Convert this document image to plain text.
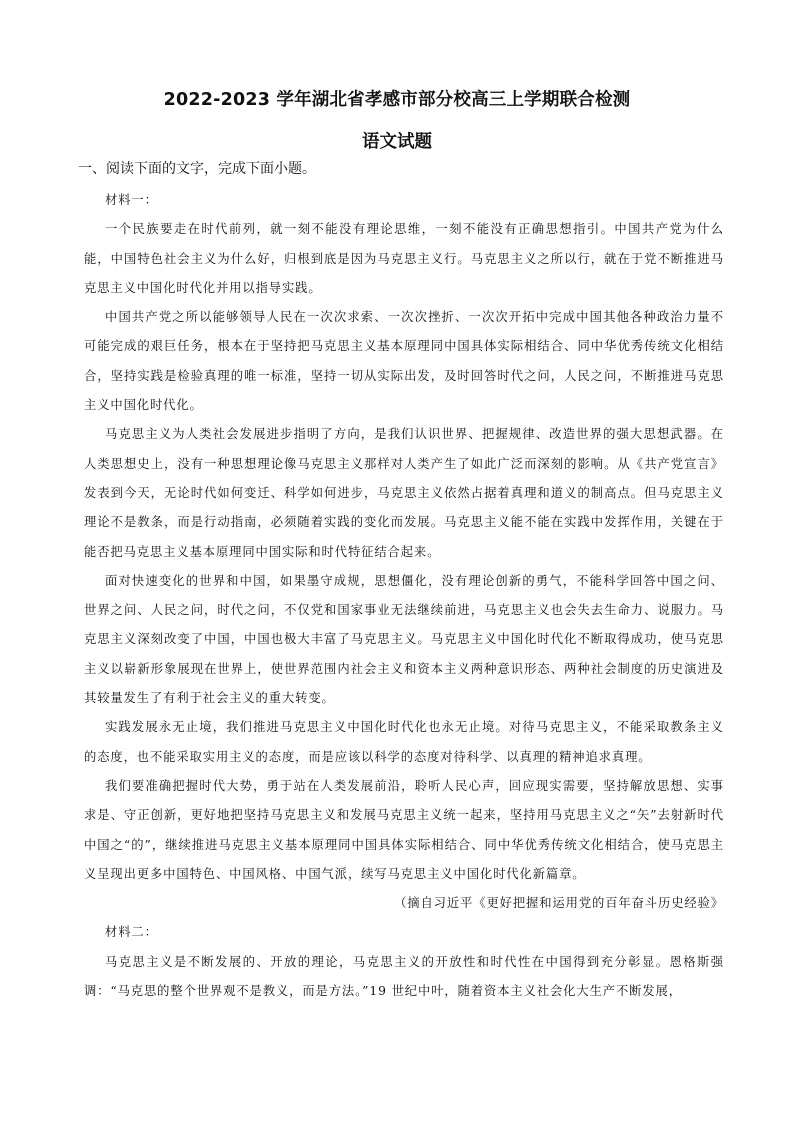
2022-2023 学年湖北省孝感市部分校高三上学期联合检测
语文试题
一、阅读下面的文字，完成下面小题。

材料一：

一个民族要走在时代前列，就一刻不能没有理论思维，一刻不能没有正确思想指引。中国共产党为什么能，中国特色社会主义为什么好，归根到底是因为马克思主义行。马克思主义之所以行，就在于党不断推进马克思主义中国化时代化并用以指导实践。

中国共产党之所以能够领导人民在一次次求索、一次次挫折、一次次开拓中完成中国其他各种政治力量不可能完成的艰巨任务，根本在于坚持把马克思主义基本原理同中国具体实际相结合、同中华优秀传统文化相结合，坚持实践是检验真理的唯一标准，坚持一切从实际出发，及时回答时代之问，人民之问，不断推进马克思主义中国化时代化。

马克思主义为人类社会发展进步指明了方向，是我们认识世界、把握规律、改造世界的强大思想武器。在人类思想史上，没有一种思想理论像马克思主义那样对人类产生了如此广泛而深刻的影响。从《共产党宣言》发表到今天，无论时代如何变迁、科学如何进步，马克思主义依然占据着真理和道义的制高点。但马克思主义理论不是教条，而是行动指南，必须随着实践的变化而发展。马克思主义能不能在实践中发挥作用，关键在于能否把马克思主义基本原理同中国实际和时代特征结合起来。

面对快速变化的世界和中国，如果墨守成规，思想僵化，没有理论创新的勇气，不能科学回答中国之问、世界之问、人民之问，时代之问，不仅党和国家事业无法继续前进，马克思主义也会失去生命力、说服力。马克思主义深刻改变了中国，中国也极大丰富了马克思主义。马克思主义中国化时代化不断取得成功，使马克思主义以崭新形象展现在世界上，使世界范围内社会主义和资本主义两种意识形态、两种社会制度的历史演进及其较量发生了有利于社会主义的重大转变。

实践发展永无止境，我们推进马克思主义中国化时代化也永无止境。对待马克思主义，不能采取教条主义的态度，也不能采取实用主义的态度，而是应该以科学的态度对待科学、以真理的精神追求真理。

我们要准确把握时代大势，勇于站在人类发展前沿，聆听人民心声，回应现实需要，坚持解放思想、实事求是、守正创新，更好地把坚持马克思主义和发展马克思主义统一起来，坚持用马克思主义之“矢”去射新时代中国之“的”，继续推进马克思主义基本原理同中国具体实际相结合、同中华优秀传统文化相结合，使马克思主义呈现出更多中国特色、中国风格、中国气派，续写马克思主义中国化时代化新篇章。

（摘自习近平《更好把握和运用党的百年奋斗历史经验》

材料二：

马克思主义是不断发展的、开放的理论，马克思主义的开放性和时代性在中国得到充分彰显。恩格斯强调：“马克思的整个世界观不是教义，而是方法。”19 世纪中叶，随着资本主义社会化大生产不断发展，
